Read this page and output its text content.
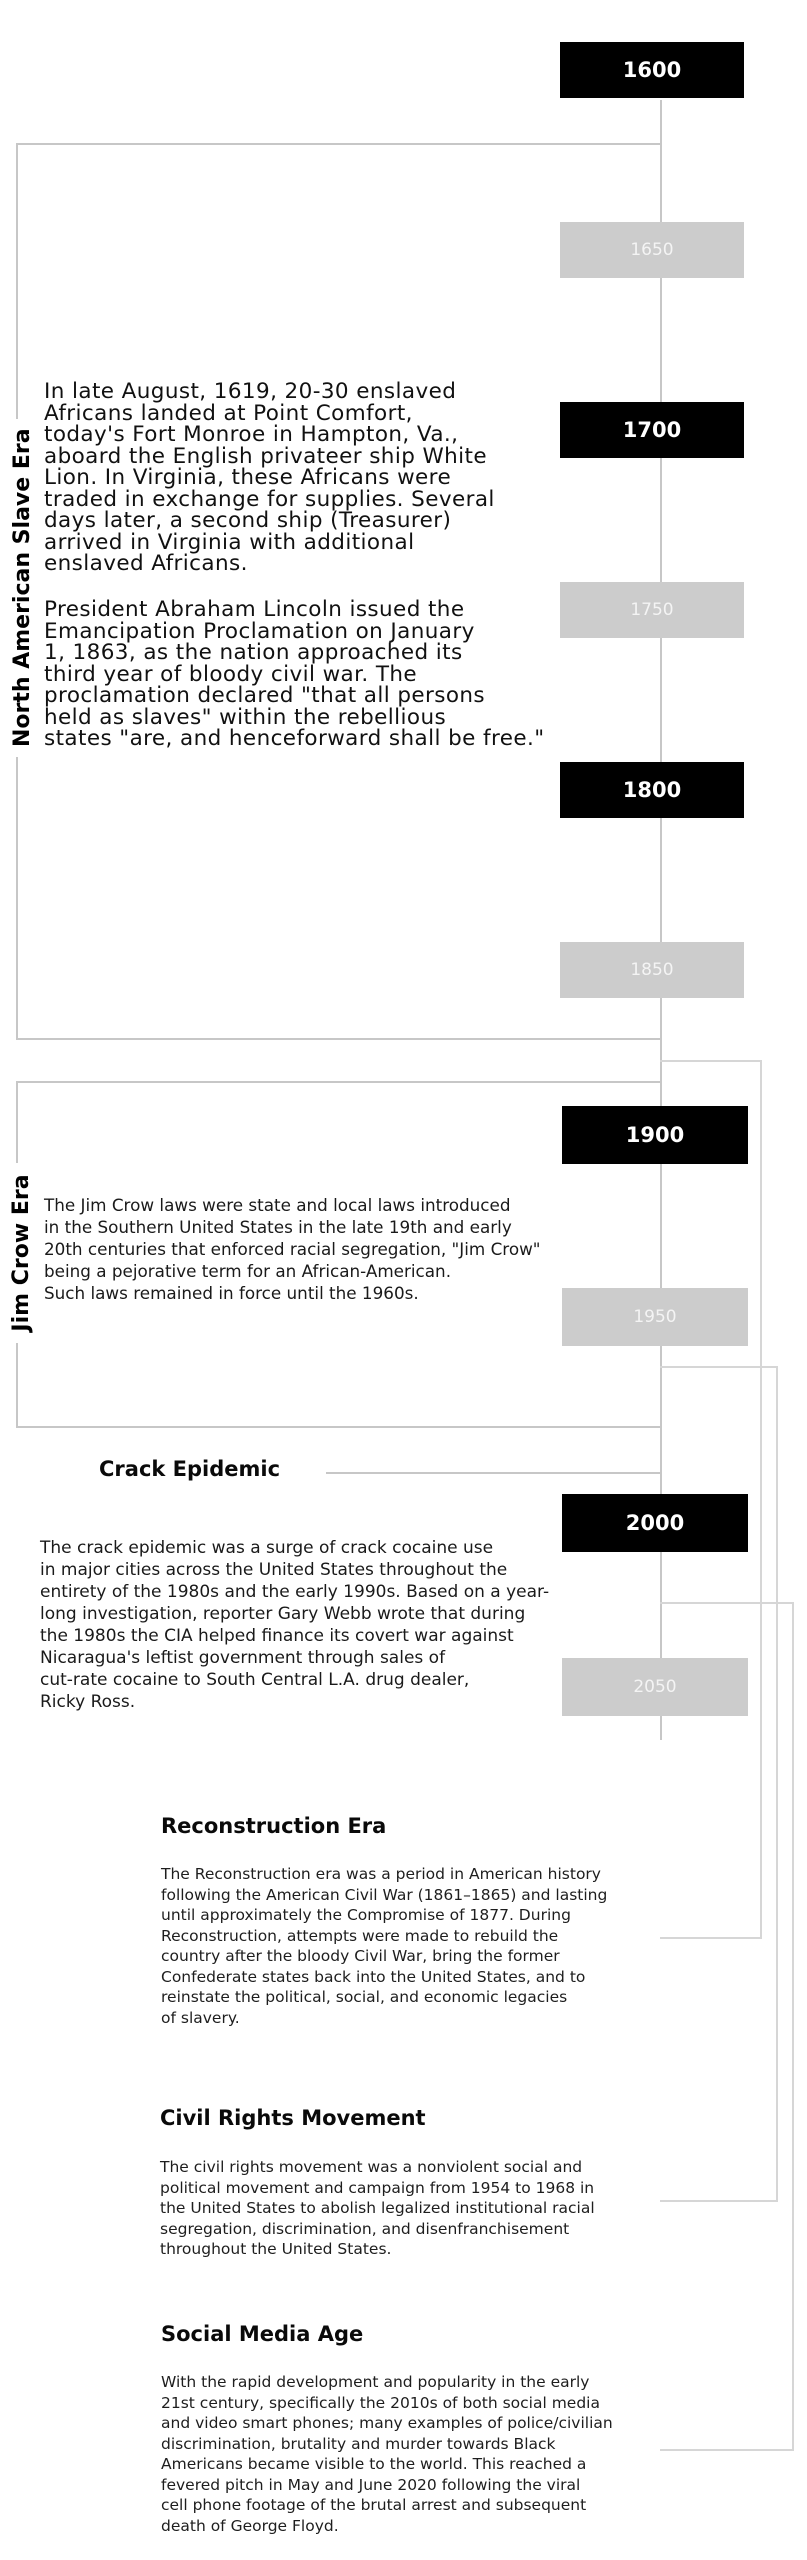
1600
1650
1700
1750
1800
1850
1900
1950
2000
2050
North American Slave Era

In late August, 1619, 20-30 enslaved
Africans landed at Point Comfort,
today's Fort Monroe in Hampton, Va.,
aboard the English privateer ship White
Lion. In Virginia, these Africans were
traded in exchange for supplies. Several
days later, a second ship (Treasurer)
arrived in Virginia with additional
enslaved Africans.

President Abraham Lincoln issued the
Emancipation Proclamation on January
1, 1863, as the nation approached its
third year of bloody civil war. The
proclamation declared "that all persons
held as slaves" within the rebellious
states "are, and henceforward shall be free."

Jim Crow Era The Jim Crow laws were state and local laws introduced
in the Southern United States in the late 19th and early
20th centuries that enforced racial segregation, "Jim Crow"
being a pejorative term for an African-American.
Such laws remained in force until the 1960s.

Crack Epidemic

The crack epidemic was a surge of crack cocaine use
in major cities across the United States throughout the
entirety of the 1980s and the early 1990s. Based on a year-
long investigation, reporter Gary Webb wrote that during
the 1980s the CIA helped finance its covert war against
Nicaragua's leftist government through sales of
cut-rate cocaine to South Central L.A. drug dealer,
Ricky Ross.

Reconstruction Era

The Reconstruction era was a period in American history
following the American Civil War (1861–1865) and lasting
until approximately the Compromise of 1877. During
Reconstruction, attempts were made to rebuild the
country after the bloody Civil War, bring the former
Confederate states back into the United States, and to
reinstate the political, social, and economic legacies
of slavery.

Civil Rights Movement

The civil rights movement was a nonviolent social and
political movement and campaign from 1954 to 1968 in
the United States to abolish legalized institutional racial
segregation, discrimination, and disenfranchisement
throughout the United States.

Social Media Age

With the rapid development and popularity in the early
21st century, specifically the 2010s of both social media
and video smart phones; many examples of police/civilian
discrimination, brutality and murder towards Black
Americans became visible to the world. This reached a
fevered pitch in May and June 2020 following the viral
cell phone footage of the brutal arrest and subsequent
death of George Floyd.
